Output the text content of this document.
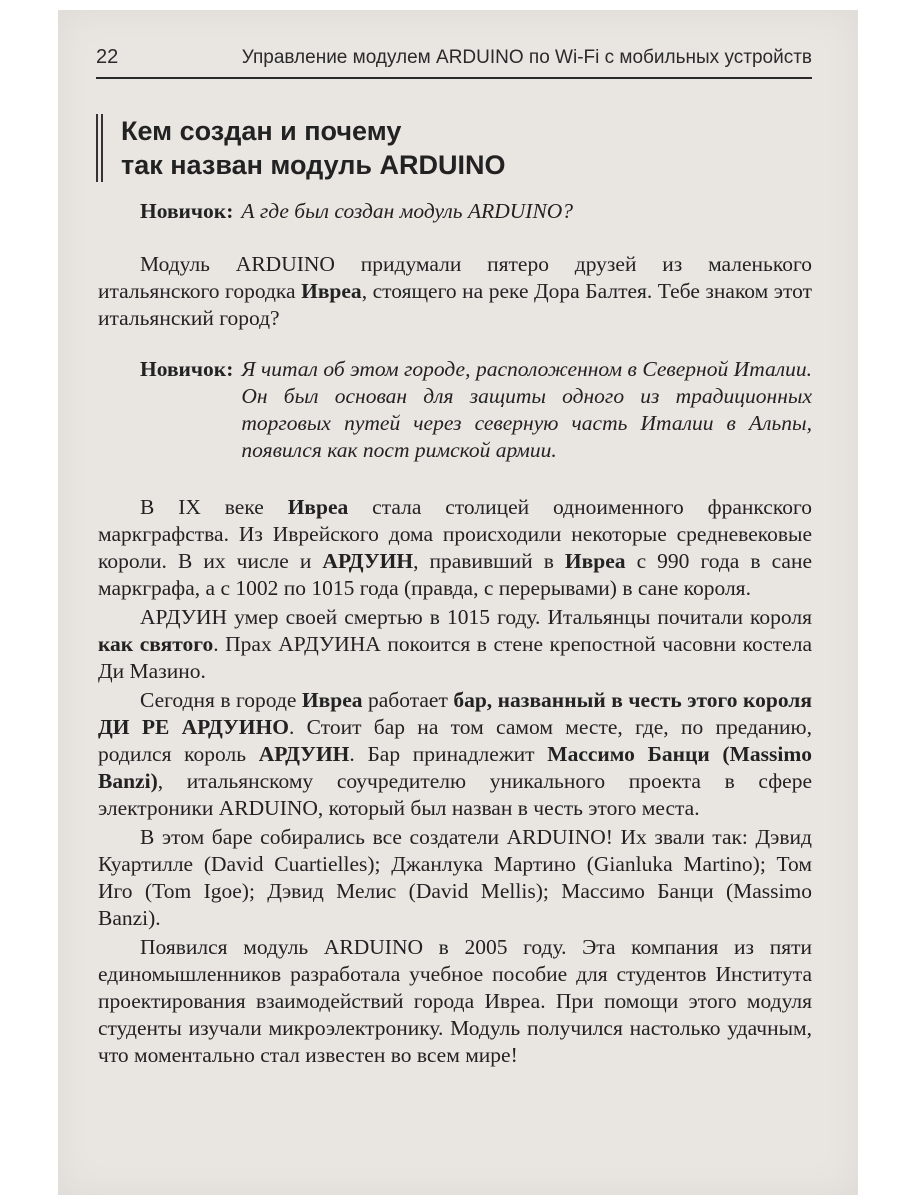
22	Управление модулем ARDUINO по Wi-Fi с мобильных устройств
Кем создан и почему
так назван модуль ARDUINO
Новичок: А где был создан модуль ARDUINO?

Модуль ARDUINO придумали пятеро друзей из маленького итальянского городка Ивреа, стоящего на реке Дора Балтея. Тебе знаком этот итальянский город?

Новичок: Я читал об этом городе, расположенном в Северной Италии. Он был основан для защиты одного из традиционных торговых путей через северную часть Италии в Альпы, появился как пост римской армии.

В IX веке Ивреа стала столицей одноименного франкского маркграфства. Из Иврейского дома происходили некоторые средневековые короли. В их числе и АРДУИН, правивший в Ивреа с 990 года в сане маркграфа, а с 1002 по 1015 года (правда, с перерывами) в сане короля.

АРДУИН умер своей смертью в 1015 году. Итальянцы почитали короля как святого. Прах АРДУИНА покоится в стене крепостной часовни костела Ди Мазино.

Сегодня в городе Ивреа работает бар, названный в честь этого короля ДИ РЕ АРДУИНО. Стоит бар на том самом месте, где, по преданию, родился король АРДУИН. Бар принадлежит Массимо Банци (Massimo Banzi), итальянскому соучредителю уникального проекта в сфере электроники ARDUINO, который был назван в честь этого места.

В этом баре собирались все создатели ARDUINO! Их звали так: Дэвид Куартилле (David Cuartielles); Джанлука Мартино (Gianluka Martino); Том Иго (Tom Igoe); Дэвид Мелис (David Mellis); Массимо Банци (Massimo Banzi).

Появился модуль ARDUINO в 2005 году. Эта компания из пяти единомышленников разработала учебное пособие для студентов Института проектирования взаимодействий города Ивреа. При помощи этого модуля студенты изучали микроэлектронику. Модуль получился настолько удачным, что моментально стал известен во всем мире!
